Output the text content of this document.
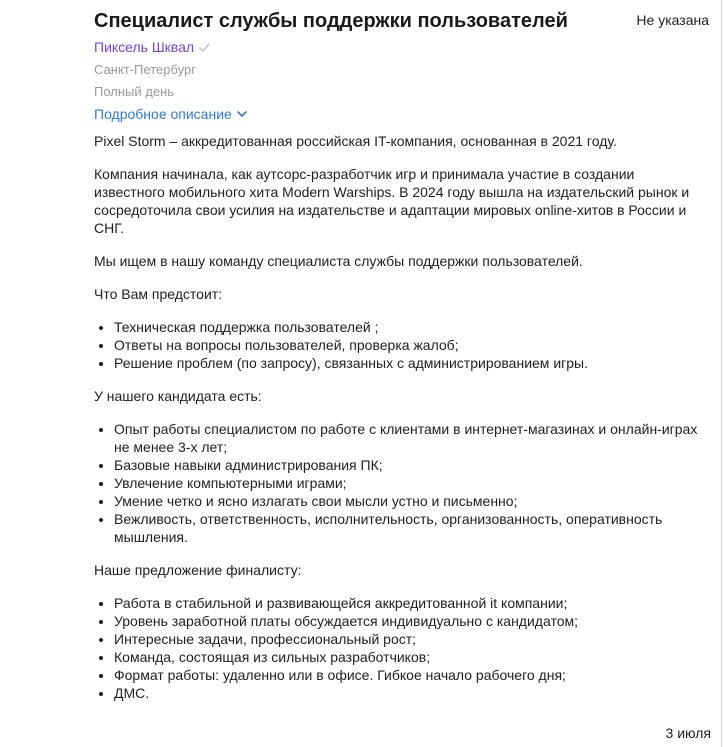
Специалист службы поддержки пользователей	Не указана
Пиксель Шквал
Санкт-Петербург
Полный день
Подробное описание

Pixel Storm – аккредитованная российская IT-компания, основанная в 2021 году.

Компания начинала, как аутсорс-разработчик игр и принимала участие в создании известного мобильного хита Modern Warships. В 2024 году вышла на издательский рынок и сосредоточила свои усилия на издательстве и адаптации мировых online-хитов в России и СНГ.

Мы ищем в нашу команду специалиста службы поддержки пользователей.

Что Вам предстоит:

• Техническая поддержка пользователей ;
• Ответы на вопросы пользователей, проверка жалоб;
• Решение проблем (по запросу), связанных с администрированием игры.

У нашего кандидата есть:

• Опыт работы специалистом по работе с клиентами в интернет-магазинах и онлайн-играх не менее 3-х лет;
• Базовые навыки администрирования ПК;
• Увлечение компьютерными играми;
• Умение четко и ясно излагать свои мысли устно и письменно;
• Вежливость, ответственность, исполнительность, организованность, оперативность мышления.

Наше предложение финалисту:

• Работа в стабильной и развивающейся аккредитованной it компании;
• Уровень заработной платы обсуждается индивидуально с кандидатом;
• Интересные задачи, профессиональный рост;
• Команда, состоящая из сильных разработчиков;
• Формат работы: удаленно или в офисе. Гибкое начало рабочего дня;
• ДМС.
3 июля
